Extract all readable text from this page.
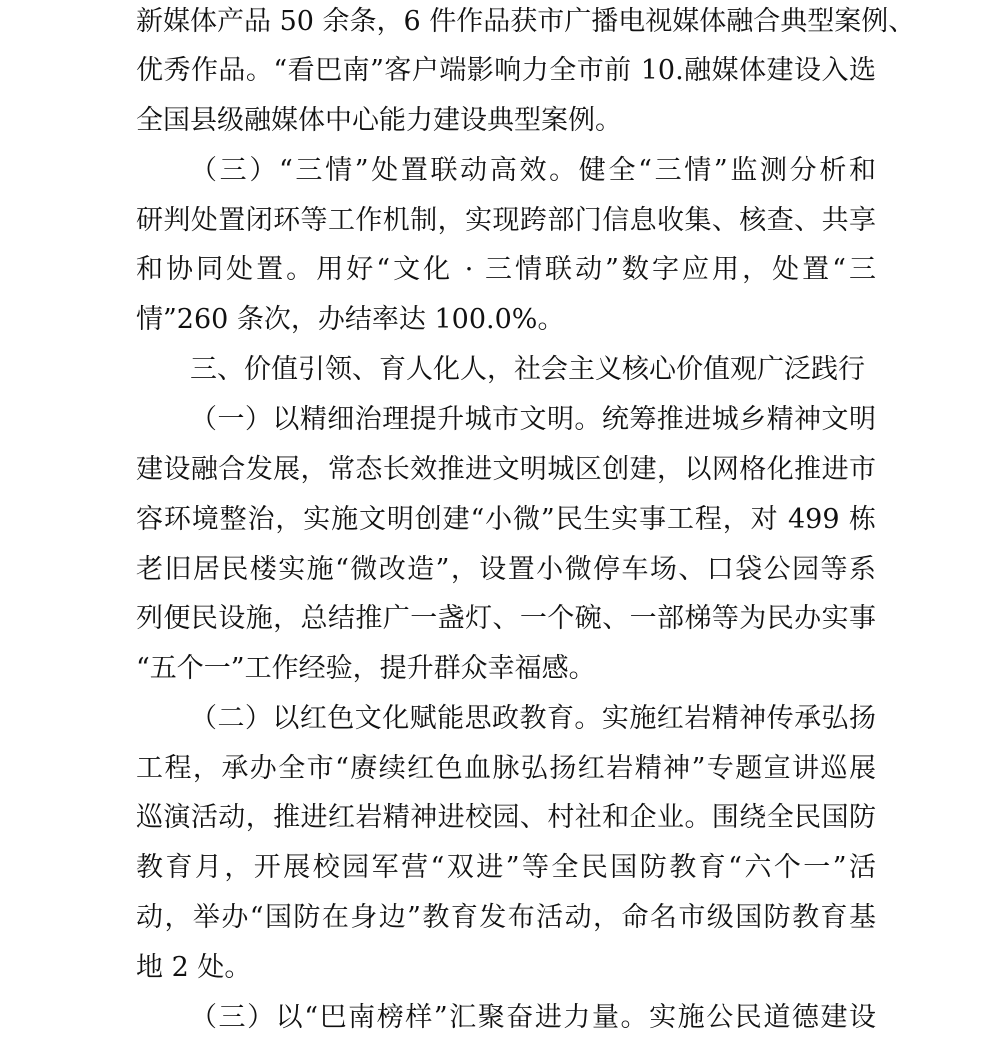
新媒体产品 50 余条，6 件作品获市广播电视媒体融合典型案例、
优秀作品。“看巴南”客户端影响力全市前 10.融媒体建设入选
全国县级融媒体中心能力建设典型案例。
（三）“三情”处置联动高效。健全“三情”监测分析和
研判处置闭环等工作机制，实现跨部门信息收集、核查、共享
和协同处置。用好“文化 · 三情联动”数字应用，处置“三
情”260 条次，办结率达 100.0%。
三、价值引领、育人化人，社会主义核心价值观广泛践行
（一）以精细治理提升城市文明。统筹推进城乡精神文明
建设融合发展，常态长效推进文明城区创建，以网格化推进市
容环境整治，实施文明创建“小微”民生实事工程，对 499 栋
老旧居民楼实施“微改造”，设置小微停车场、口袋公园等系
列便民设施，总结推广一盏灯、一个碗、一部梯等为民办实事
“五个一”工作经验，提升群众幸福感。
（二）以红色文化赋能思政教育。实施红岩精神传承弘扬
工程，承办全市“赓续红色血脉弘扬红岩精神”专题宣讲巡展
巡演活动，推进红岩精神进校园、村社和企业。围绕全民国防
教育月，开展校园军营“双进”等全民国防教育“六个一”活
动，举办“国防在身边”教育发布活动，命名市级国防教育基
地 2 处。
（三）以“巴南榜样”汇聚奋进力量。实施公民道德建设
